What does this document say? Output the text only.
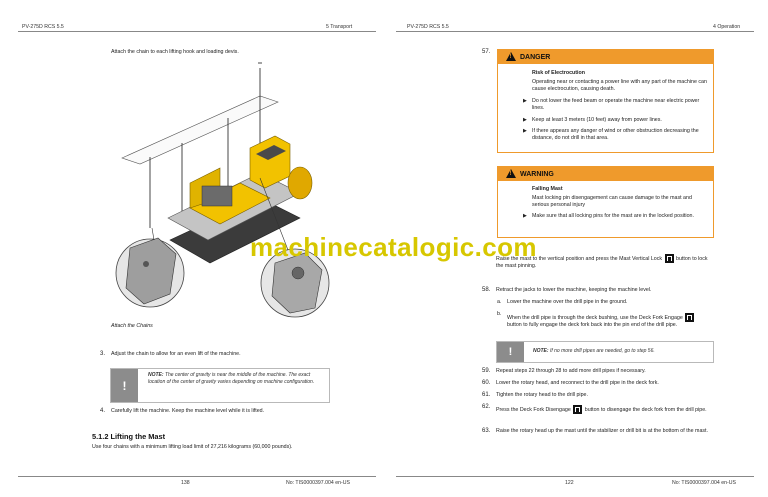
PV-275D RCS 5.5	5 Transport
Attach the chain to each lifting hook and loading devis.
Attach the Chains
3. Adjust the chain to allow for an even lift of the machine.
!
NOTE: The center of gravity is near the middle of the machine. The exact location of the center of gravity varies depending on machine configuration.
4. Carefully lift the machine. Keep the machine level while it is lifted.
5.1.2 Lifting the Mast
Use four chains with a minimum lifting load limit of 27,216 kilograms (60,000 pounds).
138	No: TIS0000397.004 en-US
PV-275D RCS 5.5	4 Operation
57.
! DANGER
Risk of Electrocution
Operating near or contacting a power line with any part of the machine can cause electrocution, causing death.
▶ Do not lower the feed beam or operate the machine near electric power lines.
▶ Keep at least 3 meters (10 feet) away from power lines.
▶ If there appears any danger of wind or other obstruction decreasing the distance, do not drill in that area.
! WARNING
Falling Mast
Mast locking pin disengagement can cause damage to the mast and serious personal injury
▶ Make sure that all locking pins for the mast are in the locked position.
Raise the mast to the vertical position and press the Mast Vertical Lock	button to lock the mast pinning.
58. Retract the jacks to lower the machine, keeping the machine level.
a. Lower the machine over the drill pipe in the ground.
b.
When the drill pipe is through the deck bushing, use the Deck Fork Engage  button to fully engage the deck fork back into the pin end of the drill pipe.
!	NOTE: If no more drill pipes are needed, go to step 56.
59. Repeat steps 22 through 28 to add more drill pipes if necessary.
60. Lower the rotary head, and reconnect to the drill pipe in the deck fork.
61. Tighten the rotary head to the drill pipe.
62. Press the Deck Fork Disengage	button to disengage the deck fork from the drill pipe.
63. Raise the rotary head up the mast until the stabilizer or drill bit is at the bottom of the mast.
122	No: TIS0000397.004 en-US
machinecatalogic.com
